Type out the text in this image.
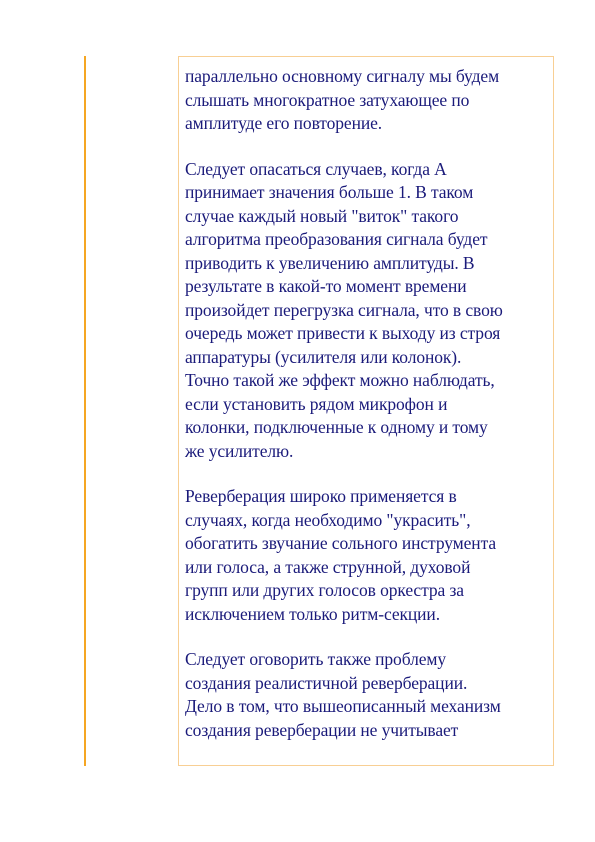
параллельно основному сигналу мы будем
слышать многократное затухающее по
амплитуде его повторение.

Следует опасаться случаев, когда А
принимает значения больше 1. В таком
случае каждый новый "виток" такого
алгоритма преобразования сигнала будет
приводить к увеличению амплитуды. В
результате в какой-то момент времени
произойдет перегрузка сигнала, что в свою
очередь может привести к выходу из строя
аппаратуры (усилителя или колонок).
Точно такой же эффект можно наблюдать,
если установить рядом микрофон и
колонки, подключенные к одному и тому
же усилителю.

Реверберация широко применяется в
случаях, когда необходимо "украсить",
обогатить звучание сольного инструмента
или голоса, а также струнной, духовой
групп или других голосов оркестра за
исключением только ритм-секции.

Следует оговорить также проблему
создания реалистичной реверберации.
Дело в том, что вышеописанный механизм
создания реверберации не учитывает
